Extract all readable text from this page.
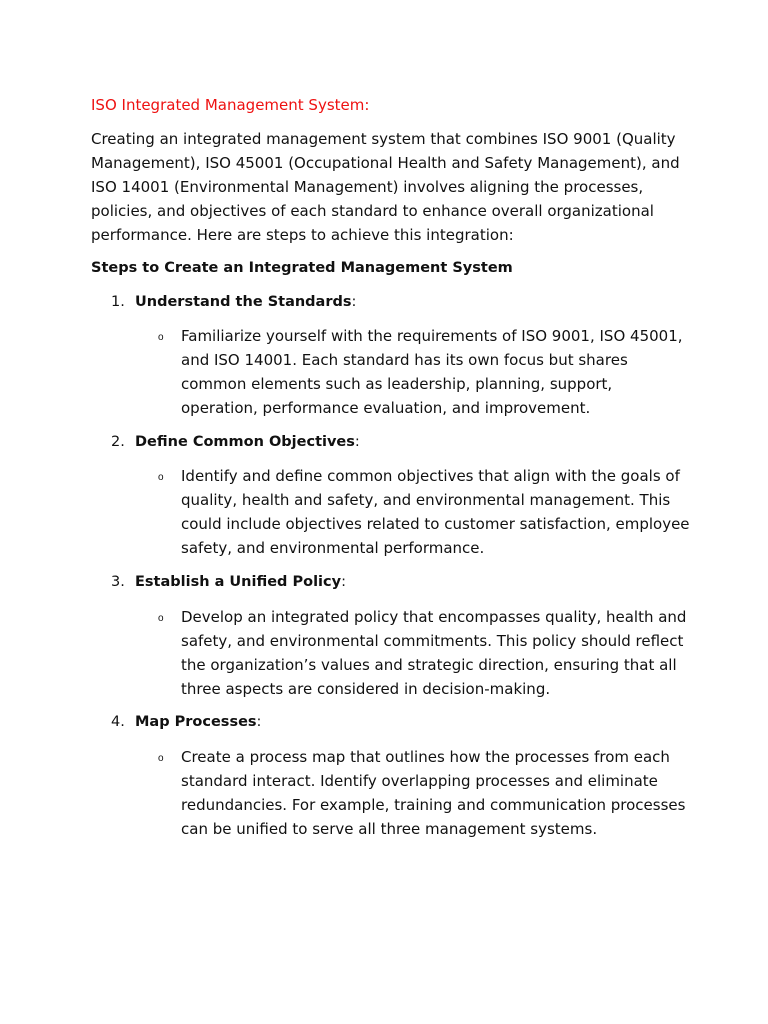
ISO Integrated Management System:

Creating an integrated management system that combines ISO 9001 (Quality Management), ISO 45001 (Occupational Health and Safety Management), and ISO 14001 (Environmental Management) involves aligning the processes, policies, and objectives of each standard to enhance overall organizational performance. Here are steps to achieve this integration:

Steps to Create an Integrated Management System

1. Understand the Standards:

o Familiarize yourself with the requirements of ISO 9001, ISO 45001, and ISO 14001. Each standard has its own focus but shares common elements such as leadership, planning, support, operation, performance evaluation, and improvement.

2. Define Common Objectives:

o Identify and define common objectives that align with the goals of quality, health and safety, and environmental management. This could include objectives related to customer satisfaction, employee safety, and environmental performance.

3. Establish a Unified Policy:

o Develop an integrated policy that encompasses quality, health and safety, and environmental commitments. This policy should reflect the organization’s values and strategic direction, ensuring that all three aspects are considered in decision-making.

4. Map Processes:

o Create a process map that outlines how the processes from each standard interact. Identify overlapping processes and eliminate redundancies. For example, training and communication processes can be unified to serve all three management systems.
